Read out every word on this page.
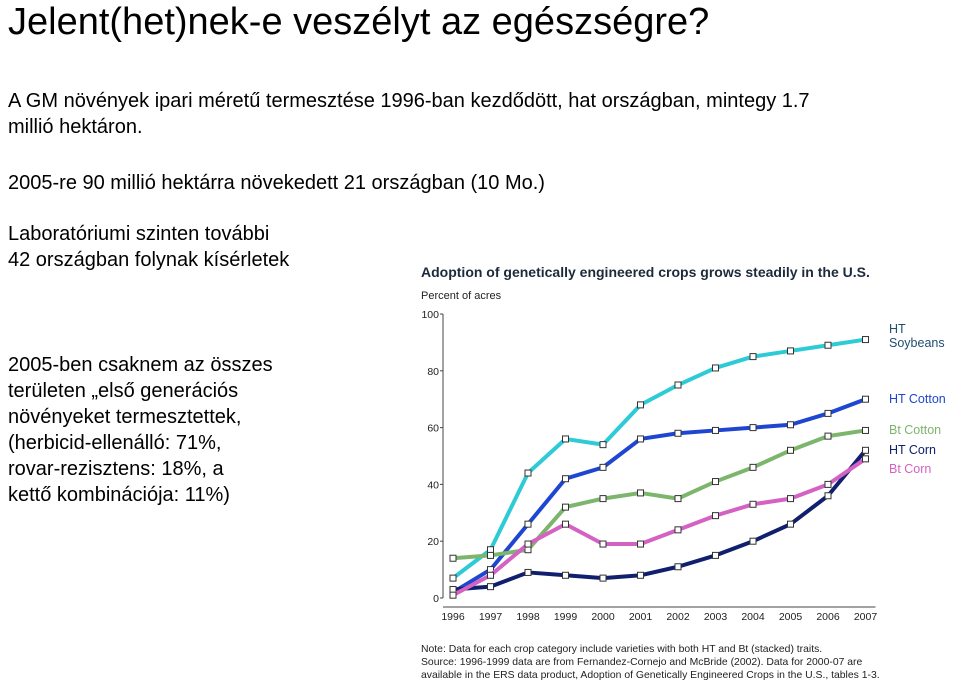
Jelent(het)nek-e veszélyt az egészségre?
A GM növények ipari méretű termesztése 1996-ban kezdődött, hat országban, mintegy 1.7 millió hektáron.
2005-re 90 millió hektárra növekedett 21 országban (10 Mo.)
Laboratóriumi szinten további
42 országban folynak kísérletek
2005-ben csaknem az összes
területen „első generációs
növényeket termesztettek,
(herbicid-ellenálló: 71%,
rovar-rezisztens: 18%, a
kettő kombinációja: 11%)
Adoption of genetically engineered crops grows steadily in the U.S.
Percent of acres
0
20
40
60
80
100
1996 1997 1998 1999 2000 2001 2002 2003 2004 2005 2006 2007
HT
Soybeans
HT Cotton
Bt Cotton
HT Corn
Bt Corn
Note: Data for each crop category include varieties with both HT and Bt (stacked) traits.
Source: 1996-1999 data are from Fernandez-Cornejo and McBride (2002). Data for 2000-07 are
available in the ERS data product, Adoption of Genetically Engineered Crops in the U.S., tables 1-3.
